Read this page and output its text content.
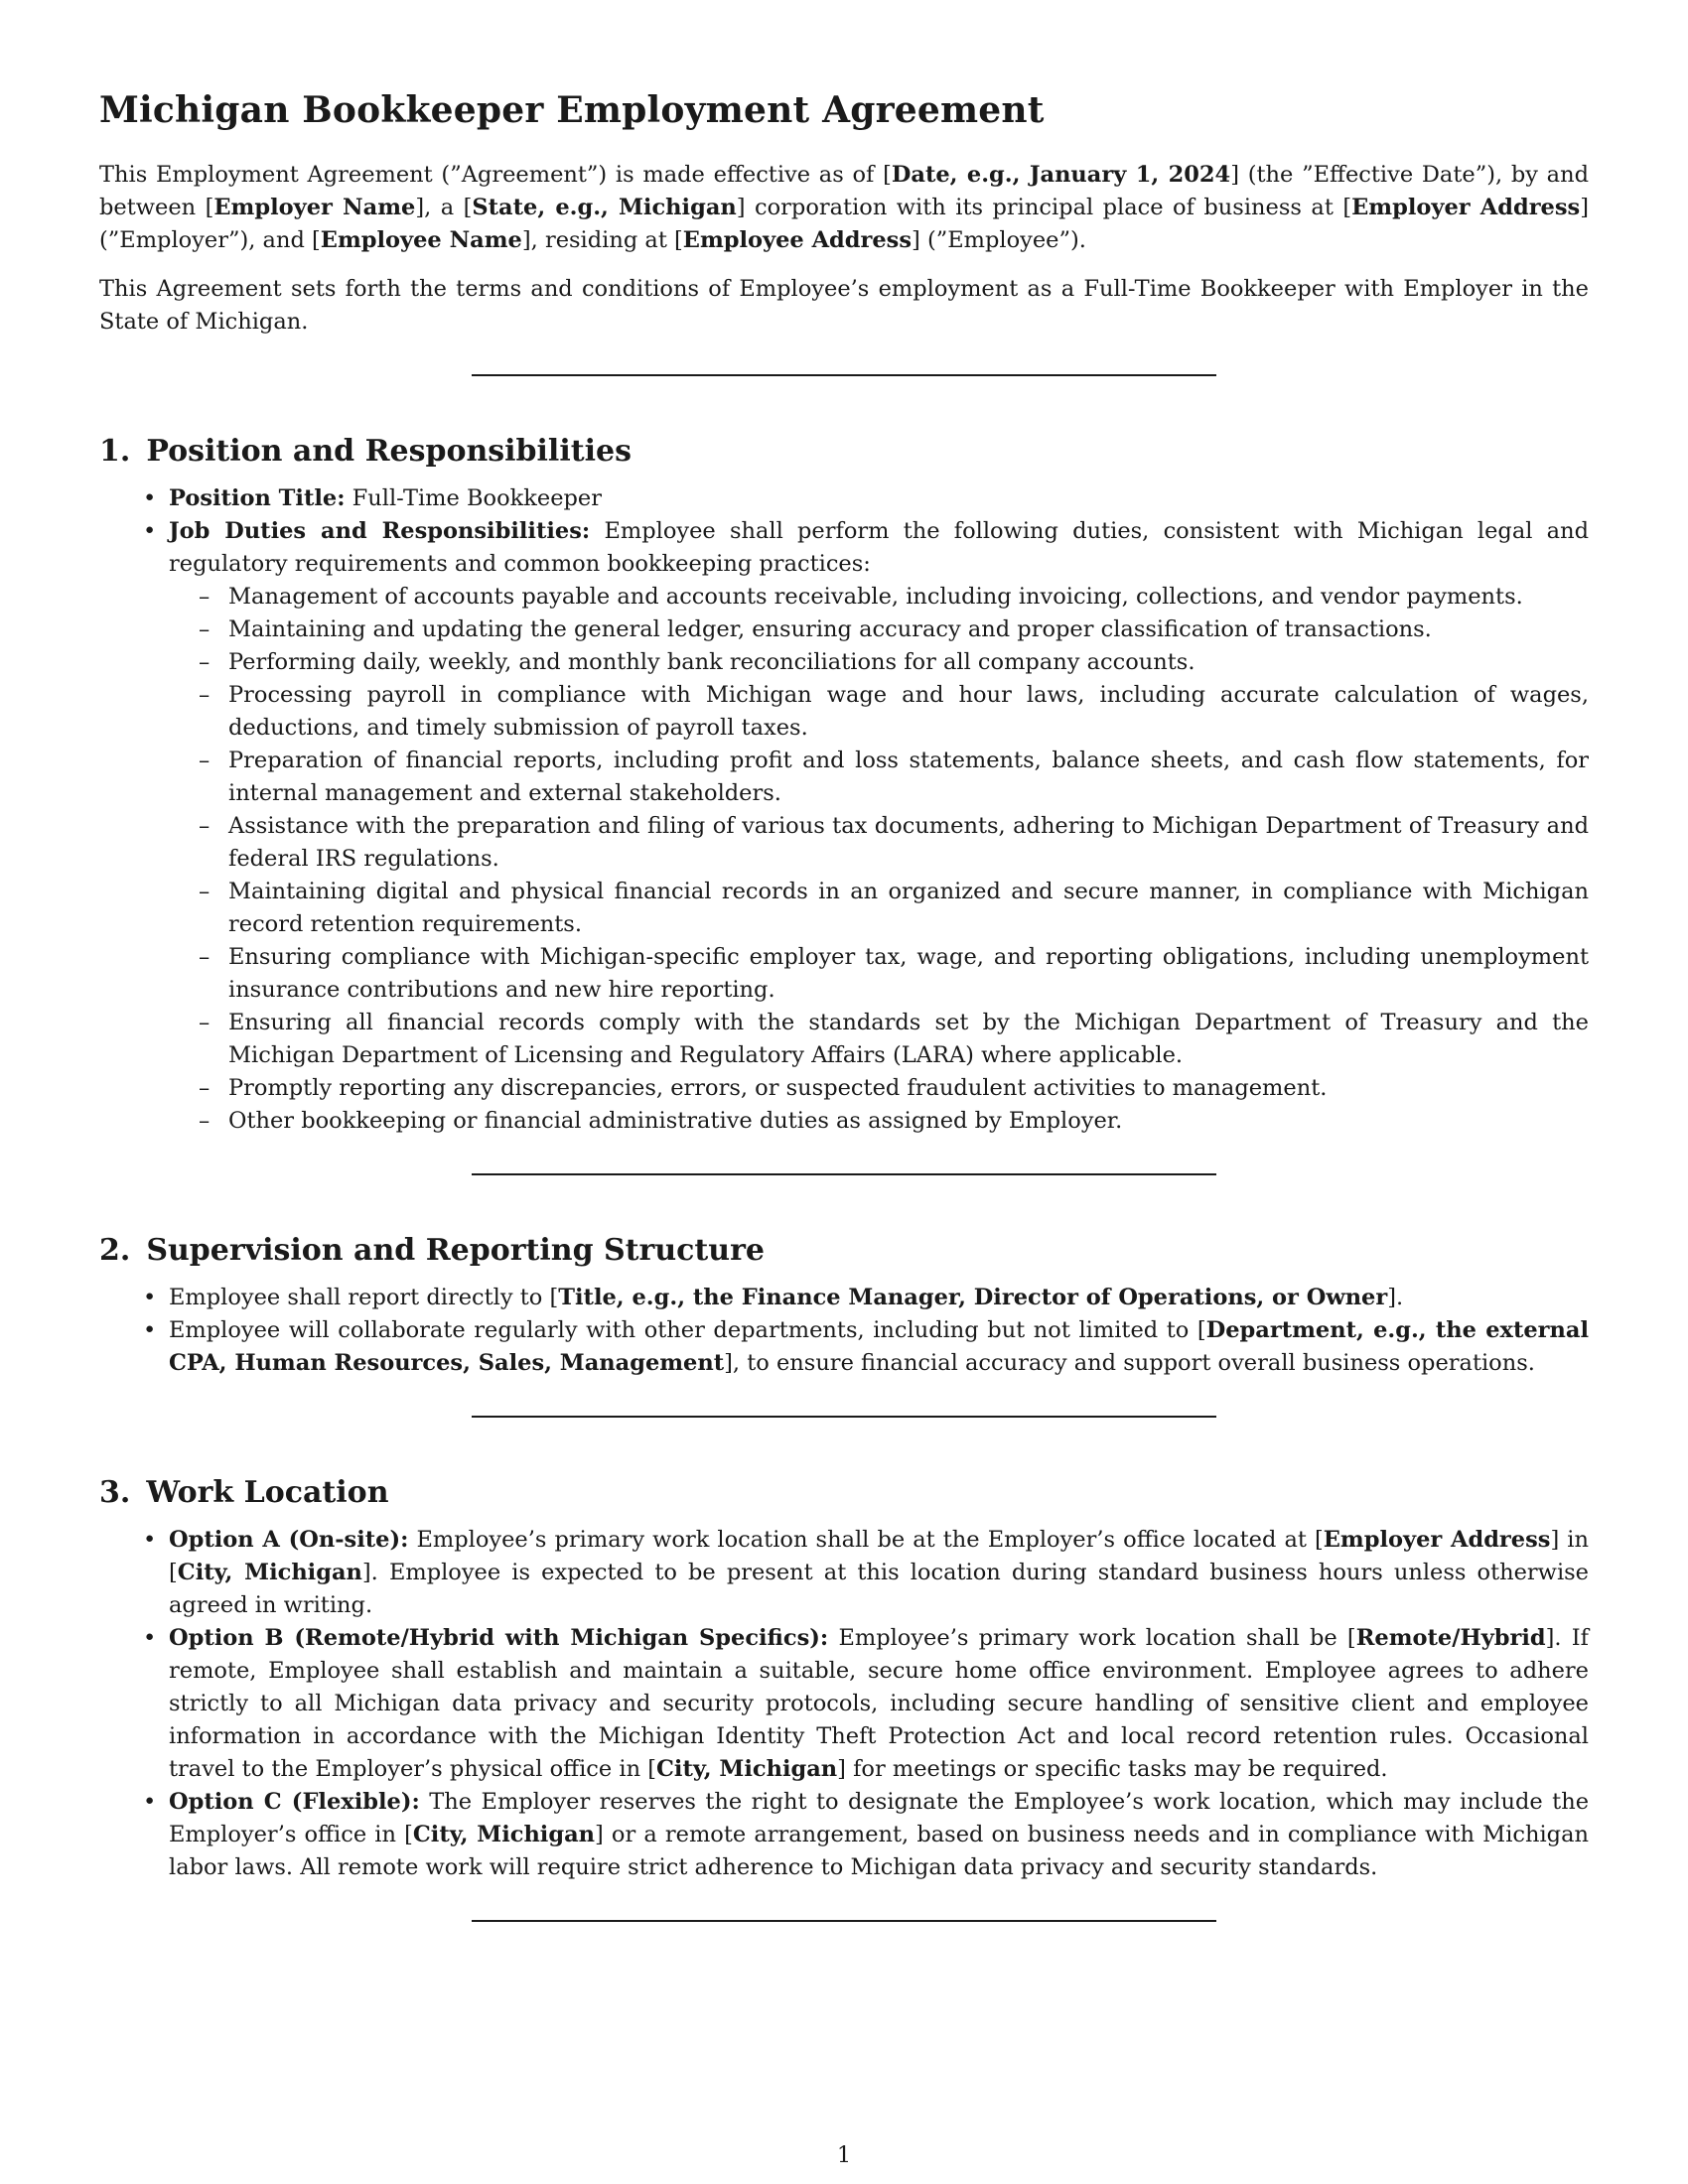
Michigan Bookkeeper Employment Agreement

This Employment Agreement (”Agreement”) is made effective as of [Date, e.g., January 1, 2024] (the ”Effective Date”), by and between [Employer Name], a [State, e.g., Michigan] corporation with its principal place of business at [Employer Address] (”Employer”), and [Employee Name], residing at [Employee Address] (”Employee”).

This Agreement sets forth the terms and conditions of Employee’s employment as a Full-Time Bookkeeper with Employer in the State of Michigan.

1. Position and Responsibilities
• Position Title: Full-Time Bookkeeper
• Job Duties and Responsibilities: Employee shall perform the following duties, consistent with Michigan legal and regulatory requirements and common bookkeeping practices:
– Management of accounts payable and accounts receivable, including invoicing, collections, and vendor payments.
– Maintaining and updating the general ledger, ensuring accuracy and proper classification of transactions.
– Performing daily, weekly, and monthly bank reconciliations for all company accounts.
– Processing payroll in compliance with Michigan wage and hour laws, including accurate calculation of wages, deductions, and timely submission of payroll taxes.
– Preparation of financial reports, including profit and loss statements, balance sheets, and cash flow statements, for internal management and external stakeholders.
– Assistance with the preparation and filing of various tax documents, adhering to Michigan Department of Treasury and federal IRS regulations.
– Maintaining digital and physical financial records in an organized and secure manner, in compliance with Michigan record retention requirements.
– Ensuring compliance with Michigan-specific employer tax, wage, and reporting obligations, including unemployment insurance contributions and new hire reporting.
– Ensuring all financial records comply with the standards set by the Michigan Department of Treasury and the Michigan Department of Licensing and Regulatory Affairs (LARA) where applicable.
– Promptly reporting any discrepancies, errors, or suspected fraudulent activities to management.
– Other bookkeeping or financial administrative duties as assigned by Employer.
2. Supervision and Reporting Structure
• Employee shall report directly to [Title, e.g., the Finance Manager, Director of Operations, or Owner].
• Employee will collaborate regularly with other departments, including but not limited to [Department, e.g., the external CPA, Human Resources, Sales, Management], to ensure financial accuracy and support overall business operations.
3. Work Location
• Option A (On-site): Employee’s primary work location shall be at the Employer’s office located at [Employer Address] in [City, Michigan]. Employee is expected to be present at this location during standard business hours unless otherwise agreed in writing.
• Option B (Remote/Hybrid with Michigan Specifics): Employee’s primary work location shall be [Remote/Hybrid]. If remote, Employee shall establish and maintain a suitable, secure home office environment. Employee agrees to adhere strictly to all Michigan data privacy and security protocols, including secure handling of sensitive client and employee information in accordance with the Michigan Identity Theft Protection Act and local record retention rules. Occasional travel to the Employer’s physical office in [City, Michigan] for meetings or specific tasks may be required.
• Option C (Flexible): The Employer reserves the right to designate the Employee’s work location, which may include the Employer’s office in [City, Michigan] or a remote arrangement, based on business needs and in compliance with Michigan labor laws. All remote work will require strict adherence to Michigan data privacy and security standards.
1
